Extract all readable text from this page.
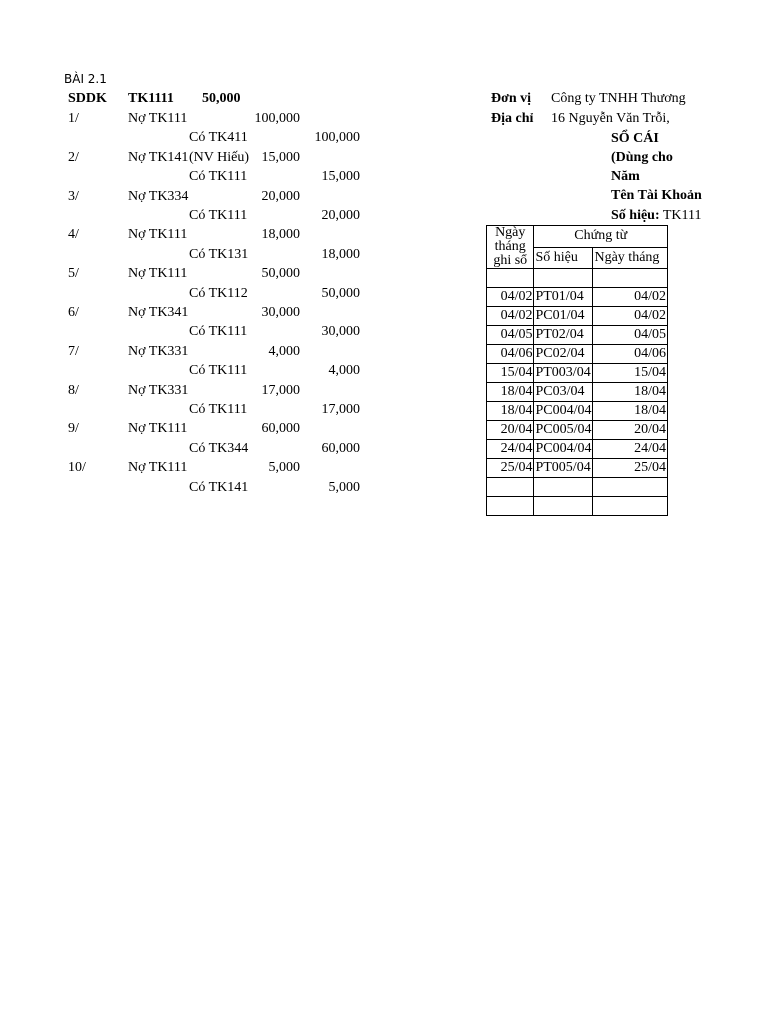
BÀI 2.1
SDDK TK1111 50,000
1/	Nợ TK111	100,000
Có TK411	100,000
2/	Nợ TK141 (NV Hiếu) 15,000
Có TK111	15,000
3/	Nợ TK334	20,000
Có TK111	20,000
4/	Nợ TK111	18,000
Có TK131	18,000
5/	Nợ TK111	50,000
Có TK112	50,000
6/	Nợ TK341	30,000
Có TK111	30,000
7/	Nợ TK331	4,000
Có TK111	4,000
8/	Nợ TK331	17,000
Có TK111	17,000
9/	Nợ TK111	60,000
Có TK344	60,000
10/	Nợ TK111	5,000
Có TK141	5,000
Đơn vị Công ty TNHH Thương
Địa chỉ 16 Nguyễn Văn Trỗi,
SỔ CÁI
(Dùng cho
Năm
Tên Tài Khoản
Số hiệu: TK111
Ngày tháng ghi sổ	Chứng từ	
	Số hiệu	Ngày tháng

04/02	PT01/04	04/02
04/02	PC01/04	04/02
04/05	PT02/04	04/05
04/06	PC02/04	04/06
15/04	PT003/04	15/04
18/04	PC03/04	18/04
18/04	PC004/04	18/04
20/04	PC005/04	20/04
24/04	PC004/04	24/04
25/04	PT005/04	25/04
